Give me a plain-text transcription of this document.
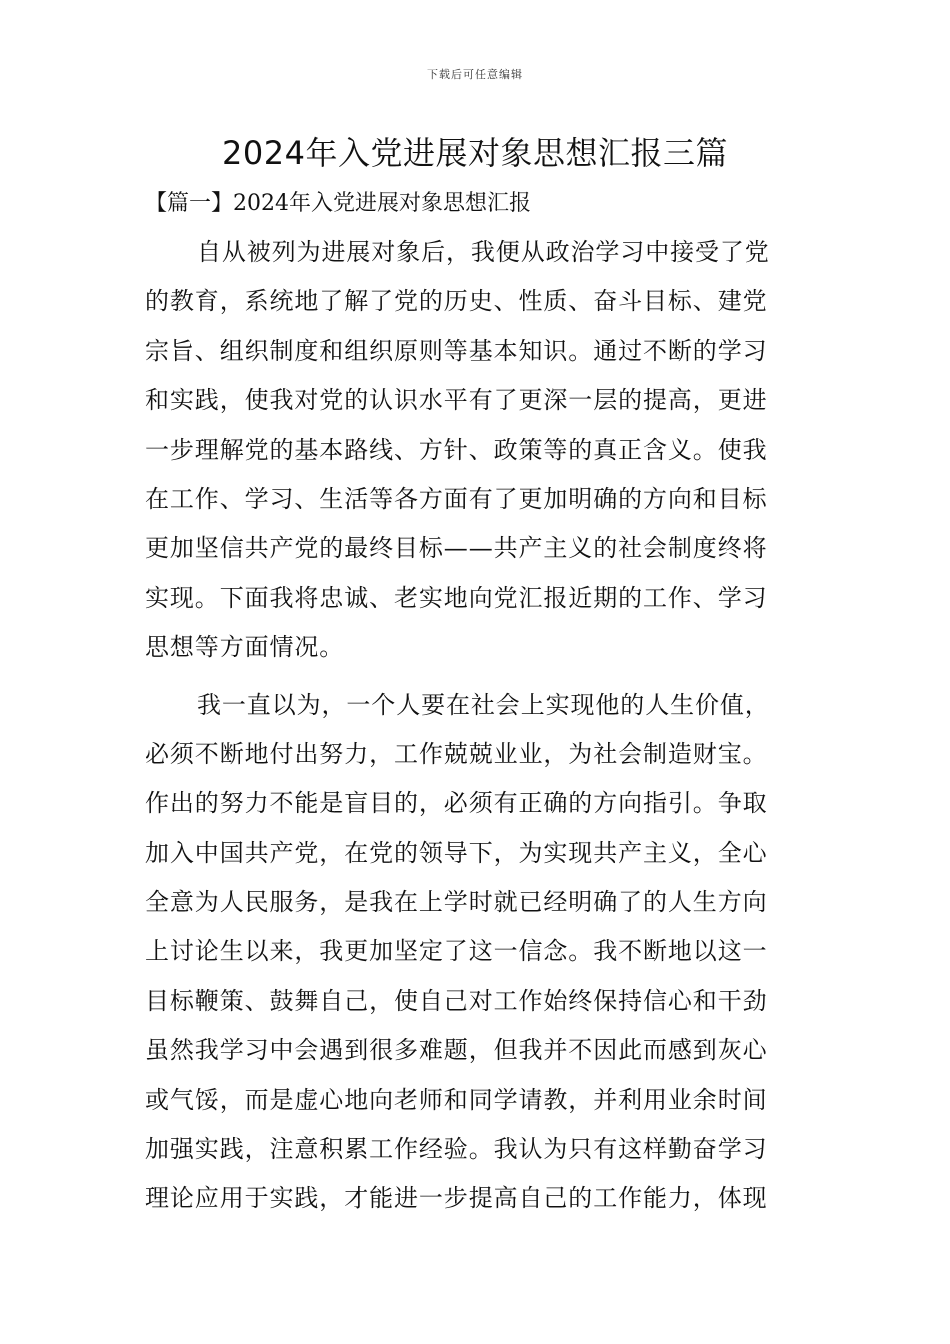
下载后可任意编辑
2024年入党进展对象思想汇报三篇
【篇一】2024年入党进展对象思想汇报
自从被列为进展对象后，我便从政治学习中接受了党
的教育，系统地了解了党的历史、性质、奋斗目标、建党
宗旨、组织制度和组织原则等基本知识。通过不断的学习
和实践，使我对党的认识水平有了更深一层的提高，更进
一步理解党的基本路线、方针、政策等的真正含义。使我
在工作、学习、生活等各方面有了更加明确的方向和目标
更加坚信共产党的最终目标——共产主义的社会制度终将
实现。下面我将忠诚、老实地向党汇报近期的工作、学习
思想等方面情况。
我一直以为，一个人要在社会上实现他的人生价值，
必须不断地付出努力，工作兢兢业业，为社会制造财宝。
作出的努力不能是盲目的，必须有正确的方向指引。争取
加入中国共产党，在党的领导下，为实现共产主义，全心
全意为人民服务，是我在上学时就已经明确了的人生方向
上讨论生以来，我更加坚定了这一信念。我不断地以这一
目标鞭策、鼓舞自己，使自己对工作始终保持信心和干劲
虽然我学习中会遇到很多难题，但我并不因此而感到灰心
或气馁，而是虚心地向老师和同学请教，并利用业余时间
加强实践，注意积累工作经验。我认为只有这样勤奋学习
理论应用于实践，才能进一步提高自己的工作能力，体现
